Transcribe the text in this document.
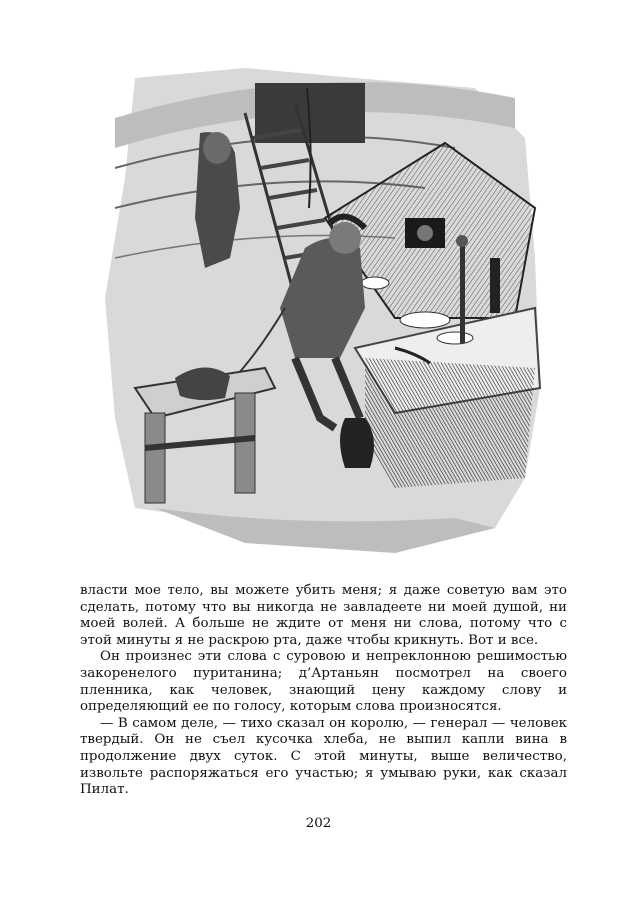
власти мое тело, вы можете убить меня; я даже советую вам это сделать, потому что вы никогда не завладеете ни моей душой, ни моей волей. А больше не ждите от меня ни слова, потому что с этой минуты я не раскрою рта, даже чтобы крикнуть. Вот и все.

Он произнес эти слова с суровою и непреклонною решимостью закоренелого пуританина; д’Артаньян посмотрел на своего пленника, как человек, знающий цену каждому слову и определяющий ее по голосу, которым слова произносятся.

— В самом деле, — тихо сказал он королю, — генерал — человек твердый. Он не съел кусочка хлеба, не выпил капли вина в продолжение двух суток. С этой минуты, выше величество, извольте распоряжаться его участью; я умываю руки, как сказал Пилат.

202
